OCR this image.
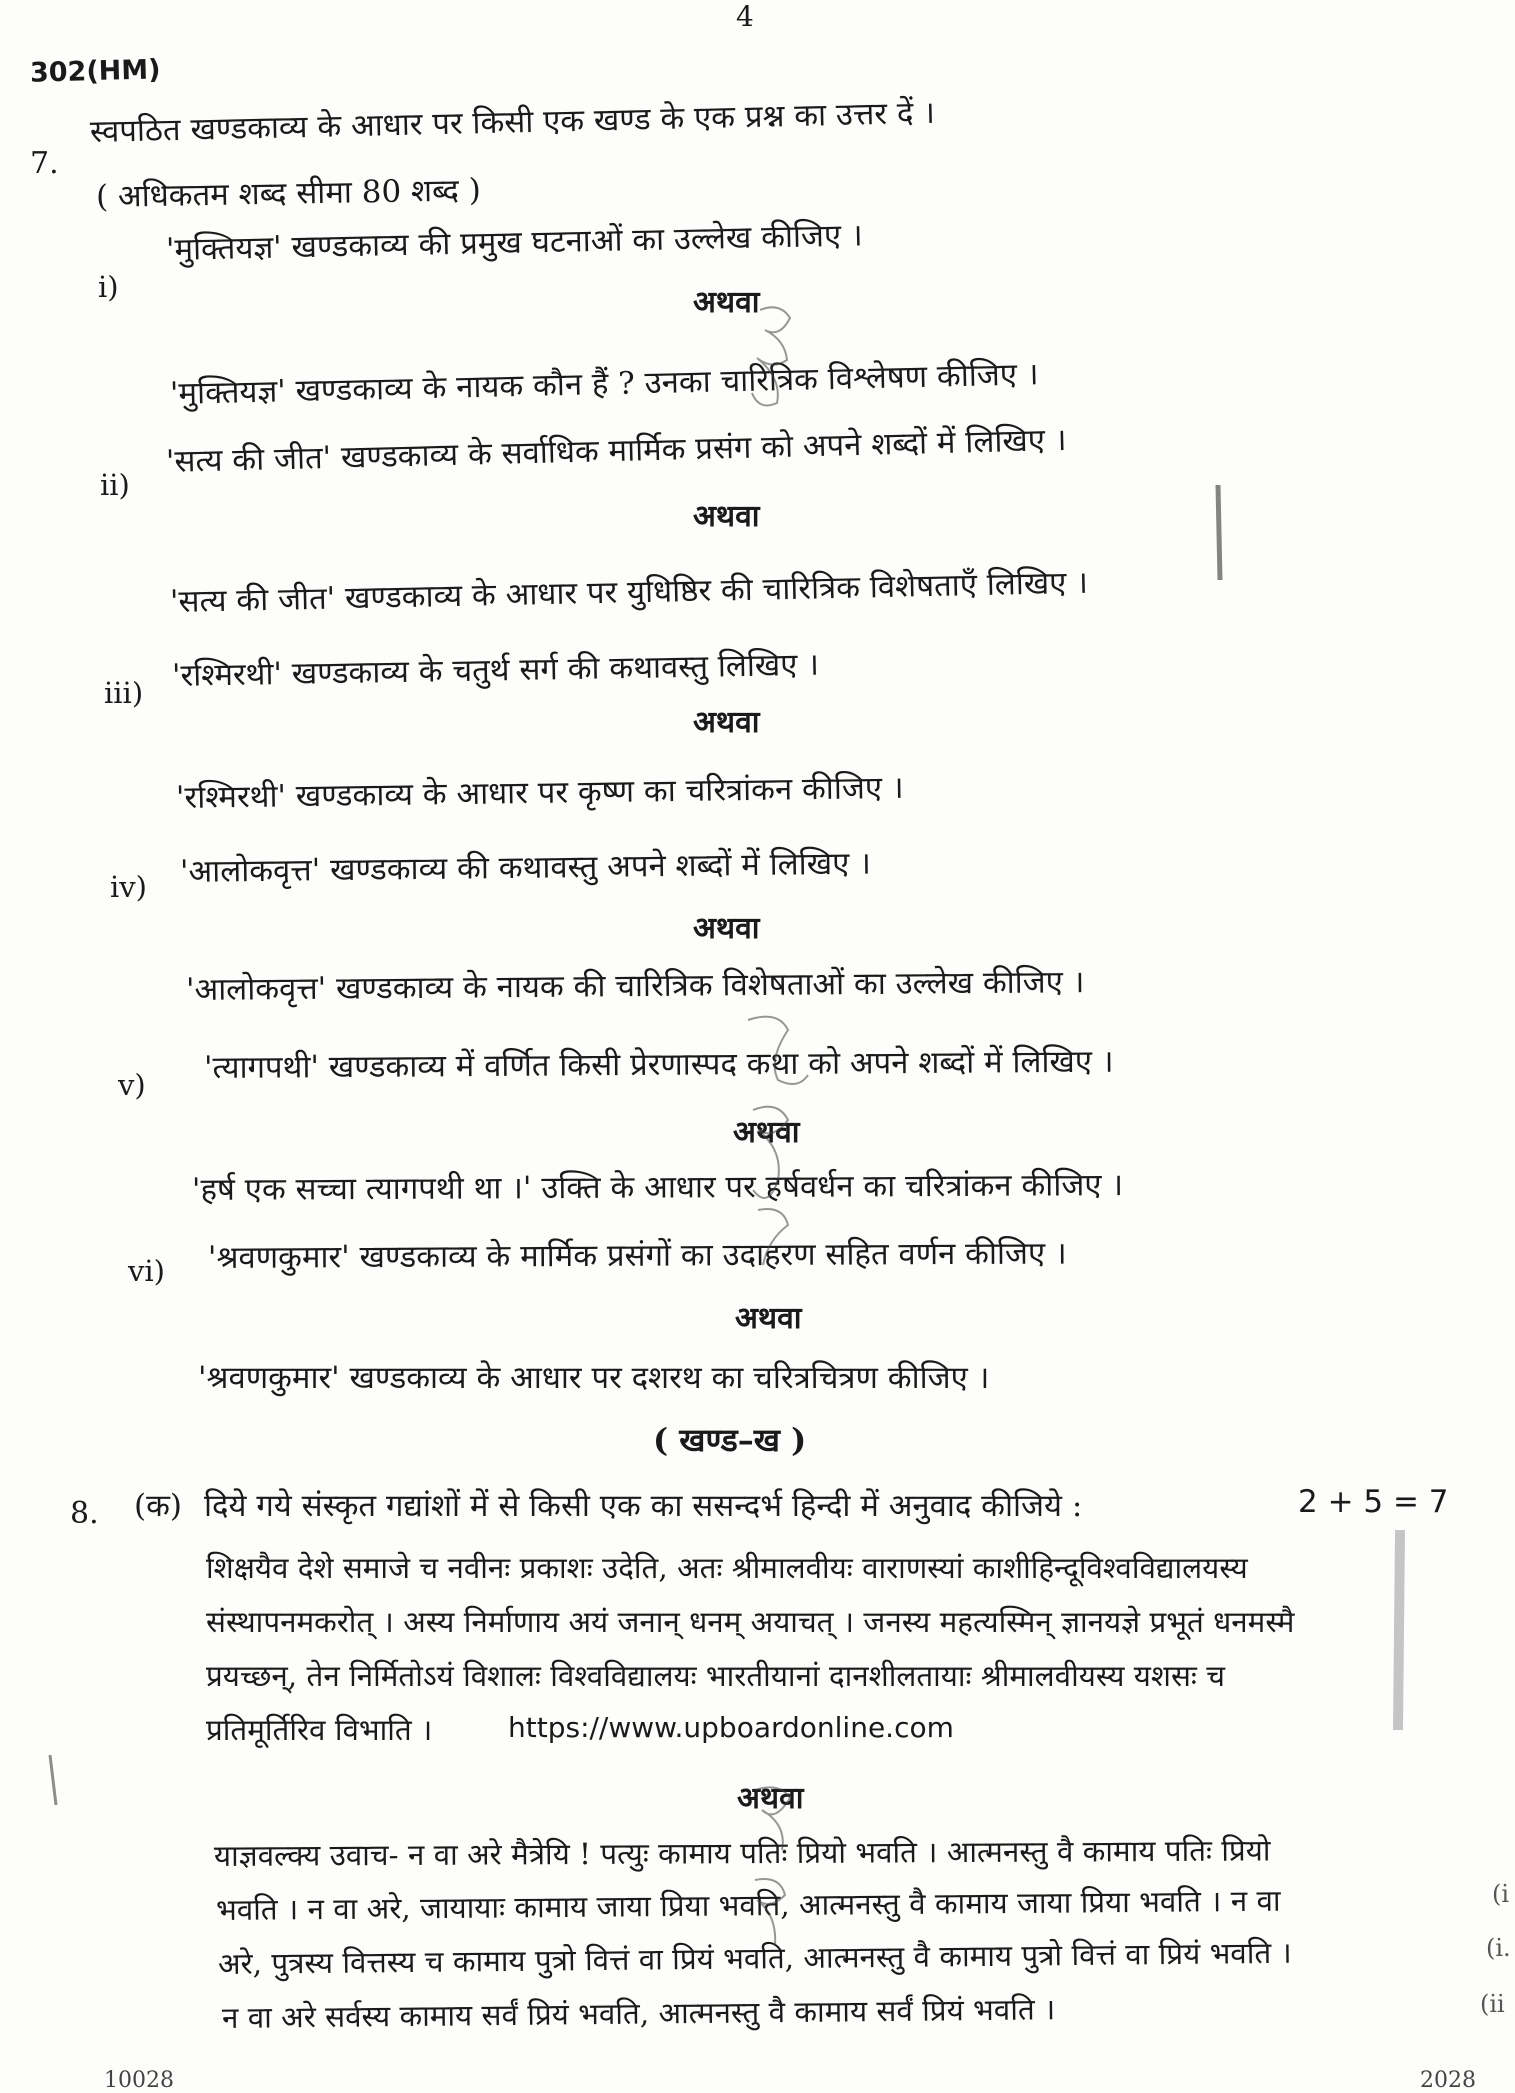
4
302(HM)
7.
स्वपठित खण्डकाव्य के आधार पर किसी एक खण्ड के एक प्रश्न का उत्तर दें ।
( अधिकतम शब्द सीमा 80 शब्द )
i)
'मुक्तियज्ञ' खण्डकाव्य की प्रमुख घटनाओं का उल्लेख कीजिए ।
अथवा
'मुक्तियज्ञ' खण्डकाव्य के नायक कौन हैं ? उनका चारित्रिक विश्लेषण कीजिए ।
ii)
'सत्य की जीत' खण्डकाव्य के सर्वाधिक मार्मिक प्रसंग को अपने शब्दों में लिखिए ।
अथवा
'सत्य की जीत' खण्डकाव्य के आधार पर युधिष्ठिर की चारित्रिक विशेषताएँ लिखिए ।
iii) 'रश्मिरथी' खण्डकाव्य के चतुर्थ सर्ग की कथावस्तु लिखिए ।
अथवा
'रश्मिरथी' खण्डकाव्य के आधार पर कृष्ण का चरित्रांकन कीजिए ।
iv) 'आलोकवृत्त' खण्डकाव्य की कथावस्तु अपने शब्दों में लिखिए ।
अथवा
'आलोकवृत्त' खण्डकाव्य के नायक की चारित्रिक विशेषताओं का उल्लेख कीजिए ।
v) 'त्यागपथी' खण्डकाव्य में वर्णित किसी प्रेरणास्पद कथा को अपने शब्दों में लिखिए ।
अथवा
'हर्ष एक सच्चा त्यागपथी था ।' उक्ति के आधार पर हर्षवर्धन का चरित्रांकन कीजिए ।
vi) 'श्रवणकुमार' खण्डकाव्य के मार्मिक प्रसंगों का उदाहरण सहित वर्णन कीजिए ।
अथवा
'श्रवणकुमार' खण्डकाव्य के आधार पर दशरथ का चरित्रचित्रण कीजिए ।
( खण्ड–ख )
8. (क) दिये गये संस्कृत गद्यांशों में से किसी एक का ससन्दर्भ हिन्दी में अनुवाद कीजिये :	2 + 5 = 7
शिक्षयैव देशे समाजे च नवीनः प्रकाशः उदेति, अतः श्रीमालवीयः वाराणस्यां काशीहिन्दूविश्वविद्यालयस्य
संस्थापनमकरोत् । अस्य निर्माणाय अयं जनान् धनम् अयाचत् । जनस्य महत्यस्मिन् ज्ञानयज्ञे प्रभूतं धनमस्मै
प्रयच्छन्, तेन निर्मितोऽयं विशालः विश्वविद्यालयः भारतीयानां दानशीलतायाः श्रीमालवीयस्य यशसः च
प्रतिमूर्तिरिव विभाति ।	https://www.upboardonline.com
अथवा
याज्ञवल्क्य उवाच- न वा अरे मैत्रेयि ! पत्युः कामाय पतिः प्रियो भवति । आत्मनस्तु वै कामाय पतिः प्रियो
भवति । न वा अरे, जायायाः कामाय जाया प्रिया भवति, आत्मनस्तु वै कामाय जाया प्रिया भवति । न वा
अरे, पुत्रस्य वित्तस्य च कामाय पुत्रो वित्तं वा प्रियं भवति, आत्मनस्तु वै कामाय पुत्रो वित्तं वा प्रियं भवति ।
न वा अरे सर्वस्य कामाय सर्वं प्रियं भवति, आत्मनस्तु वै कामाय सर्वं प्रियं भवति ।
(i
(i.
(ii
10028	2028
